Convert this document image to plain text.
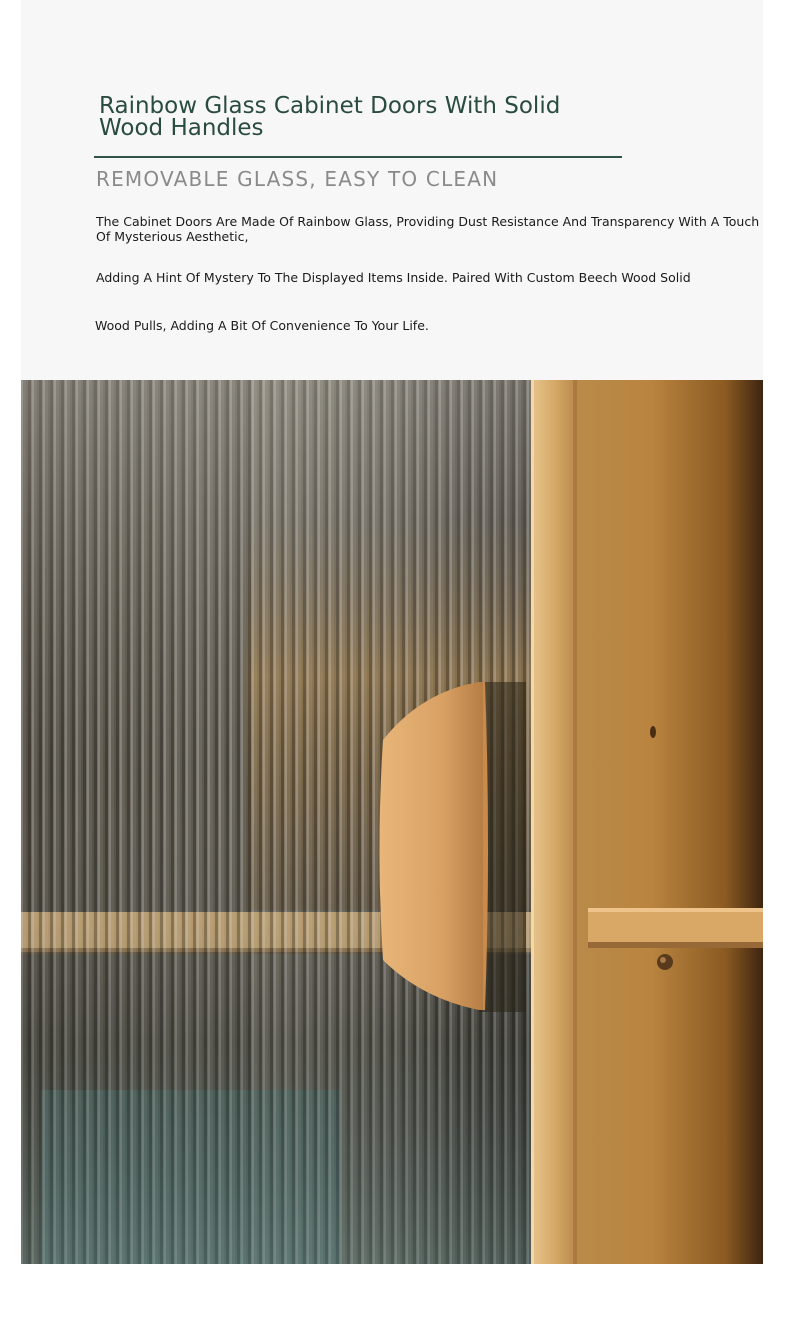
Rainbow Glass Cabinet Doors With Solid Wood Handles

REMOVABLE GLASS, EASY TO CLEAN

The Cabinet Doors Are Made Of Rainbow Glass, Providing Dust Resistance And Transparency With A Touch Of Mysterious Aesthetic,

Adding A Hint Of Mystery To The Displayed Items Inside. Paired With Custom Beech Wood Solid

Wood Pulls, Adding A Bit Of Convenience To Your Life.
